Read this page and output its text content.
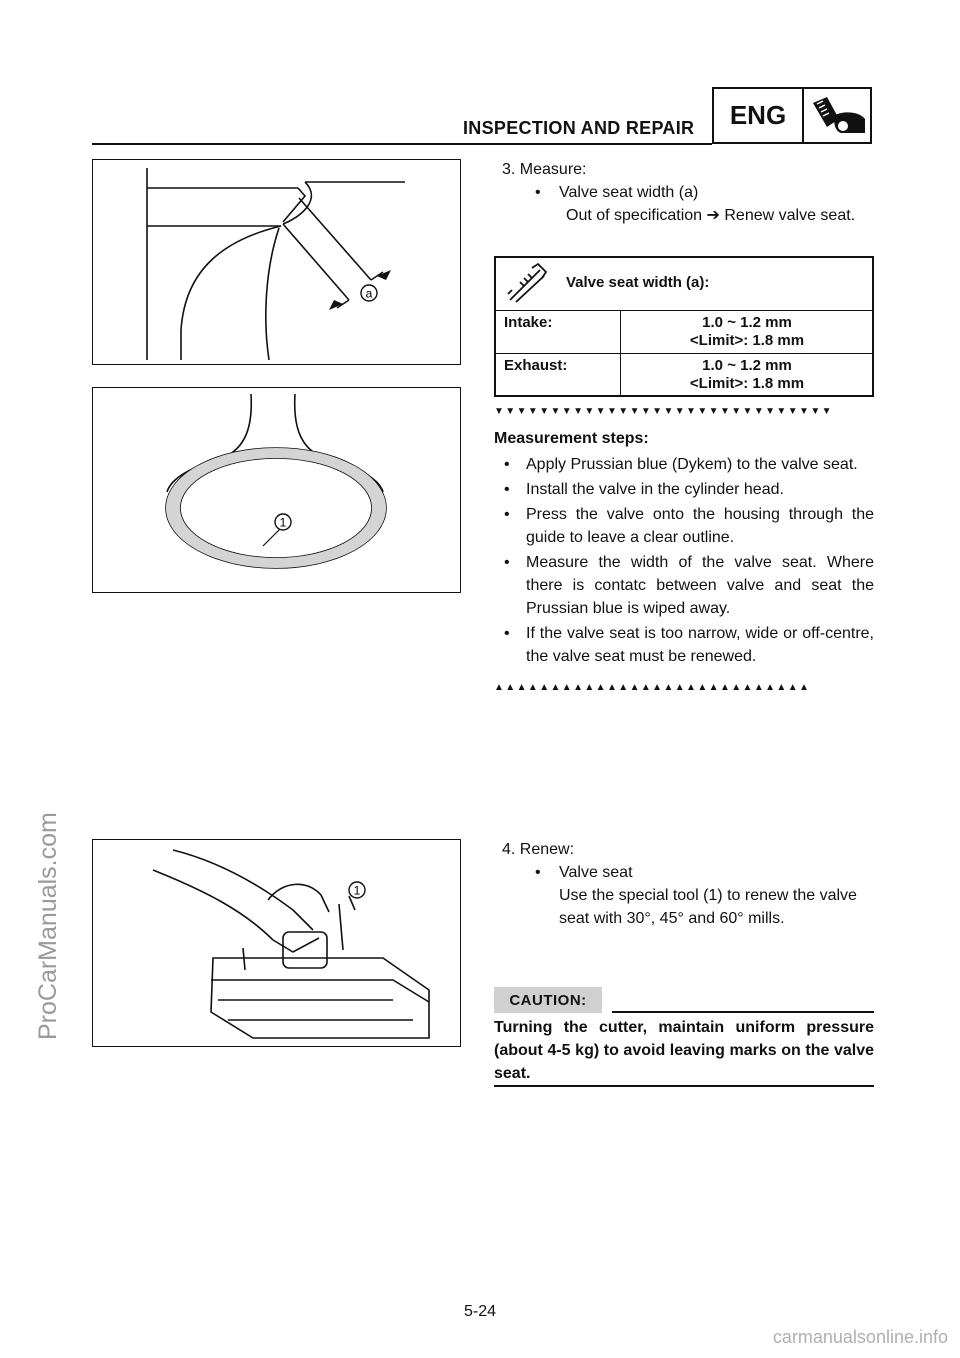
INSPECTION AND REPAIR	ENG
a
1
1
3. Measure:
• Valve seat width (a)
Out of specification ➔ Renew valve seat.
Valve seat width (a):
Intake:	1.0 ~ 1.2 mm
<Limit>: 1.8 mm
Exhaust:	1.0 ~ 1.2 mm
<Limit>: 1.8 mm
▼▼▼▼▼▼▼▼▼▼▼▼▼▼▼▼▼▼▼▼▼▼▼▼▼▼▼▼▼▼
Measurement steps:
• Apply Prussian blue (Dykem) to the valve seat.
• Install the valve in the cylinder head.
• Press the valve onto the housing through the guide to leave a clear outline.
• Measure the width of the valve seat. Where there is contatc between valve and seat the Prussian blue is wiped away.
• If the valve seat is too narrow, wide or off-centre, the valve seat must be renewed.
▲▲▲▲▲▲▲▲▲▲▲▲▲▲▲▲▲▲▲▲▲▲▲▲▲▲▲▲
4. Renew:
• Valve seat
Use the special tool (1) to renew the valve
seat with 30°, 45° and 60° mills.
CAUTION:
Turning the cutter, maintain uniform pressure (about 4-5 kg) to avoid leaving marks on the valve seat.
5-24
ProCarManuals.com
carmanualsonline.info
